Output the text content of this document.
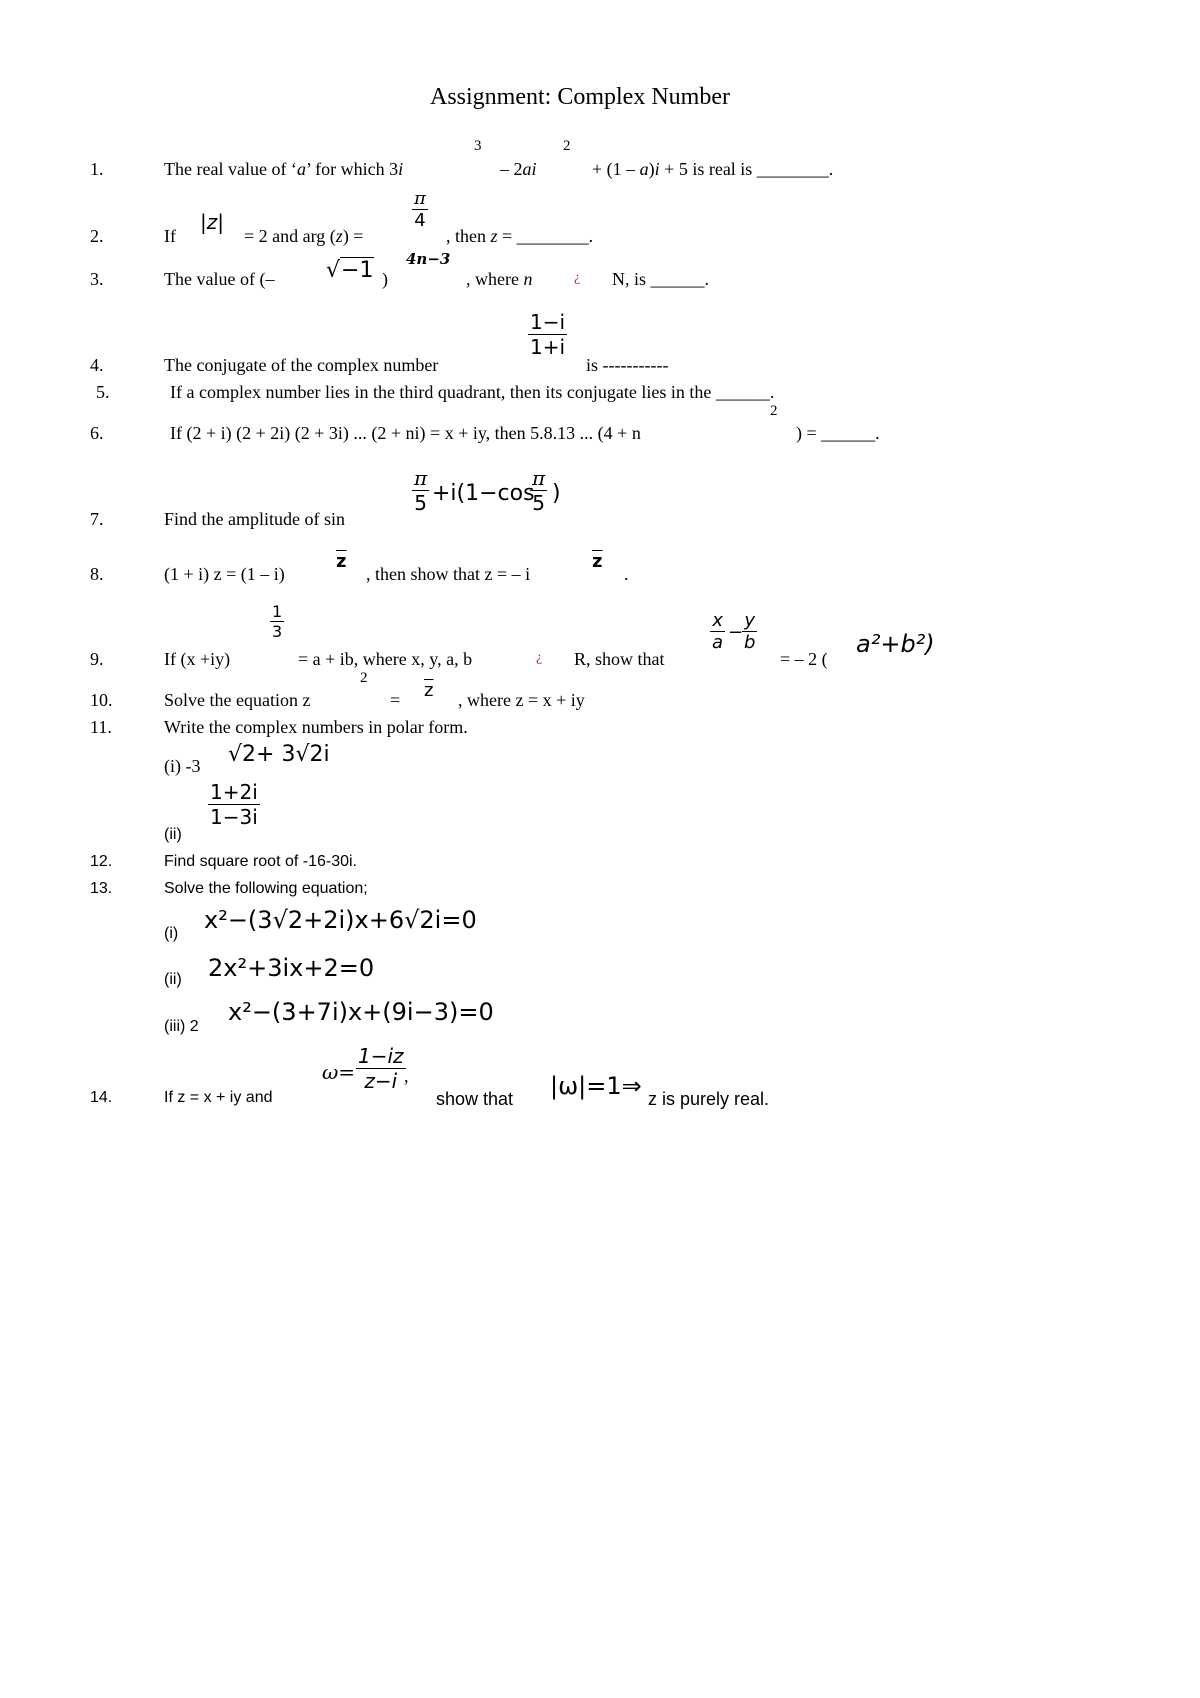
Assignment: Complex Number
1.	The real value of ‘a’ for which 3i
3
– 2ai
2
+ (1 – a)i + 5 is real is ________.
2.	If
|z|
= 2 and arg (z) =
$\frac{\pi}{4}$
, then z = ________.
3.	The value of (– √−1 )
4n−3
, where n	¿ N, is ______.
4.	The conjugate of the complex number
$\frac{1-i}{1+i}$
is -----------
5.	If a complex number lies in the third quadrant, then its conjugate lies in the ______.
6.	If (2 + i) (2 + 2i) (2 + 3i) ... (2 + ni) = x + iy, then 5.8.13 ... (4 + n
2
) = ______.
7.	Find the amplitude of sin
$\frac{\pi}{5} +i(1-\cos$
$\frac{\pi}{5}$ )
8.	(1 + i) z = (1 – i)
$\overline{z}$
, then show that z = – i
$\overline{z}$
.
9.	If (x +iy)
$\frac{1}{3}$
= a + ib, where x, y, a, b	¿ R, show that
$\frac{x}{a}$ −
$\frac{y}{b}$
= – 2 (
a²+b²)
10.	Solve the equation z
2
= $\overline{z}$ , where z = x + iy
11.	Write the complex numbers in polar form.
(i) -3 √2+ 3√2i
(ii)
$\frac{1+2i}{1-3i}$
12.	Find square root of -16-30i.
13.	Solve the following equation;
(i) x²−(3√2+2i)x+6√2i=0
(ii) 2x²+3ix+2=0
(iii) 2
x²−(3+7i)x+(9i−3)=0
14.	If z = x + iy and
$\omega= \frac{1-iz}{z-i}$
,
show that |ω|=1⇒ z is purely real.
